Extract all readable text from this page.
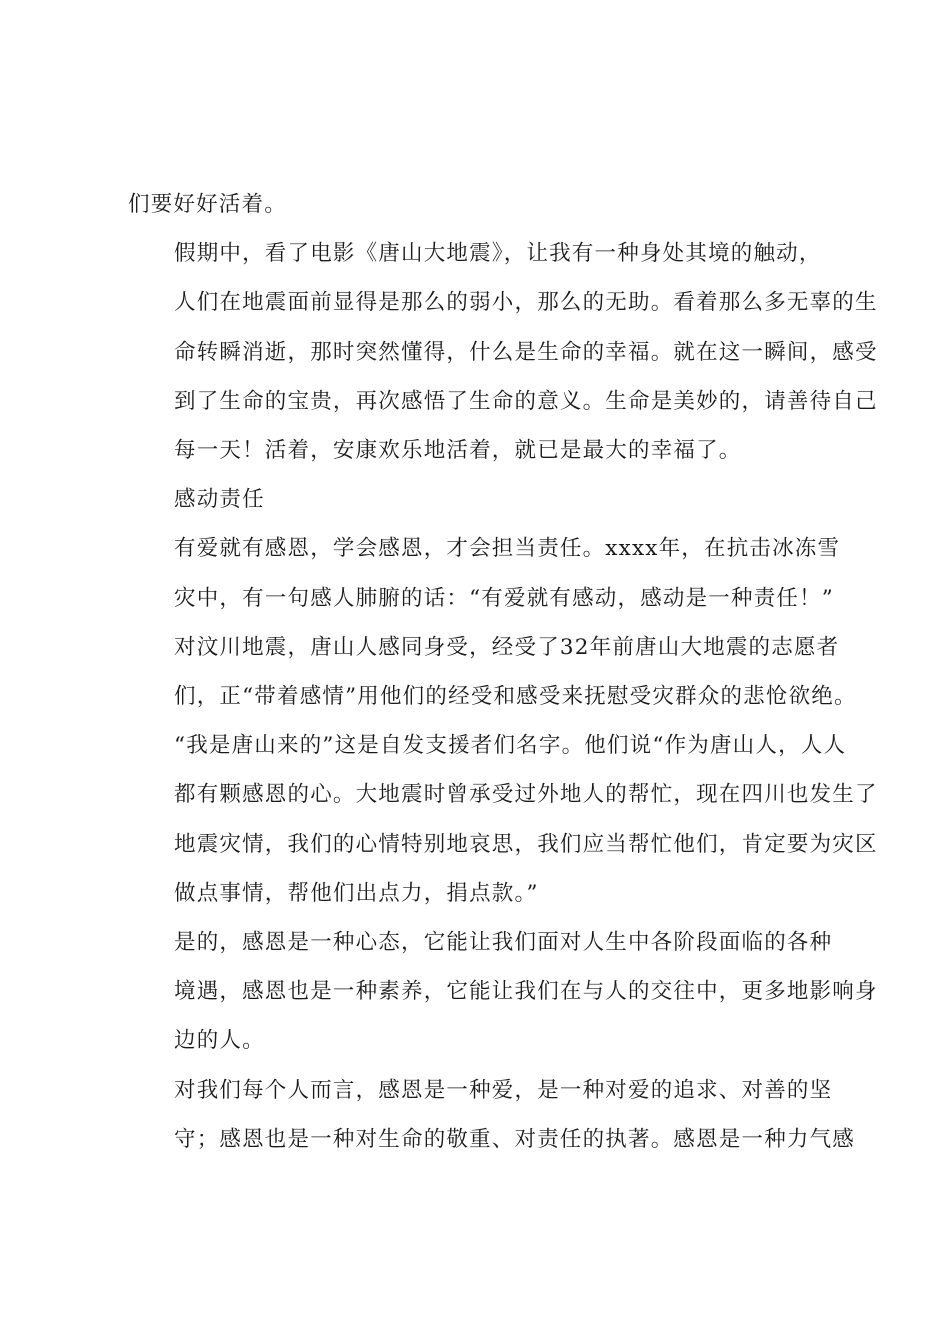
们要好好活着。

假期中，看了电影《唐山大地震》，让我有一种身处其境的触动，
人们在地震面前显得是那么的弱小，那么的无助。看着那么多无辜的生
命转瞬消逝，那时突然懂得，什么是生命的幸福。就在这一瞬间，感受
到了生命的宝贵，再次感悟了生命的意义。生命是美妙的，请善待自己
每一天！活着，安康欢乐地活着，就已是最大的幸福了。

感动责任

有爱就有感恩，学会感恩，才会担当责任。xxxx年，在抗击冰冻雪
灾中，有一句感人肺腑的话：“有爱就有感动，感动是一种责任！”

对汶川地震，唐山人感同身受，经受了32年前唐山大地震的志愿者
们，正“带着感情”用他们的经受和感受来抚慰受灾群众的悲怆欲绝。
“我是唐山来的”这是自发支援者们名字。他们说“作为唐山人，人人
都有颗感恩的心。大地震时曾承受过外地人的帮忙，现在四川也发生了
地震灾情，我们的心情特别地哀思，我们应当帮忙他们，肯定要为灾区
做点事情，帮他们出点力，捐点款。”

是的，感恩是一种心态，它能让我们面对人生中各阶段面临的各种
境遇，感恩也是一种素养，它能让我们在与人的交往中，更多地影响身
边的人。

对我们每个人而言，感恩是一种爱，是一种对爱的追求、对善的坚
守；感恩也是一种对生命的敬重、对责任的执著。感恩是一种力气感
